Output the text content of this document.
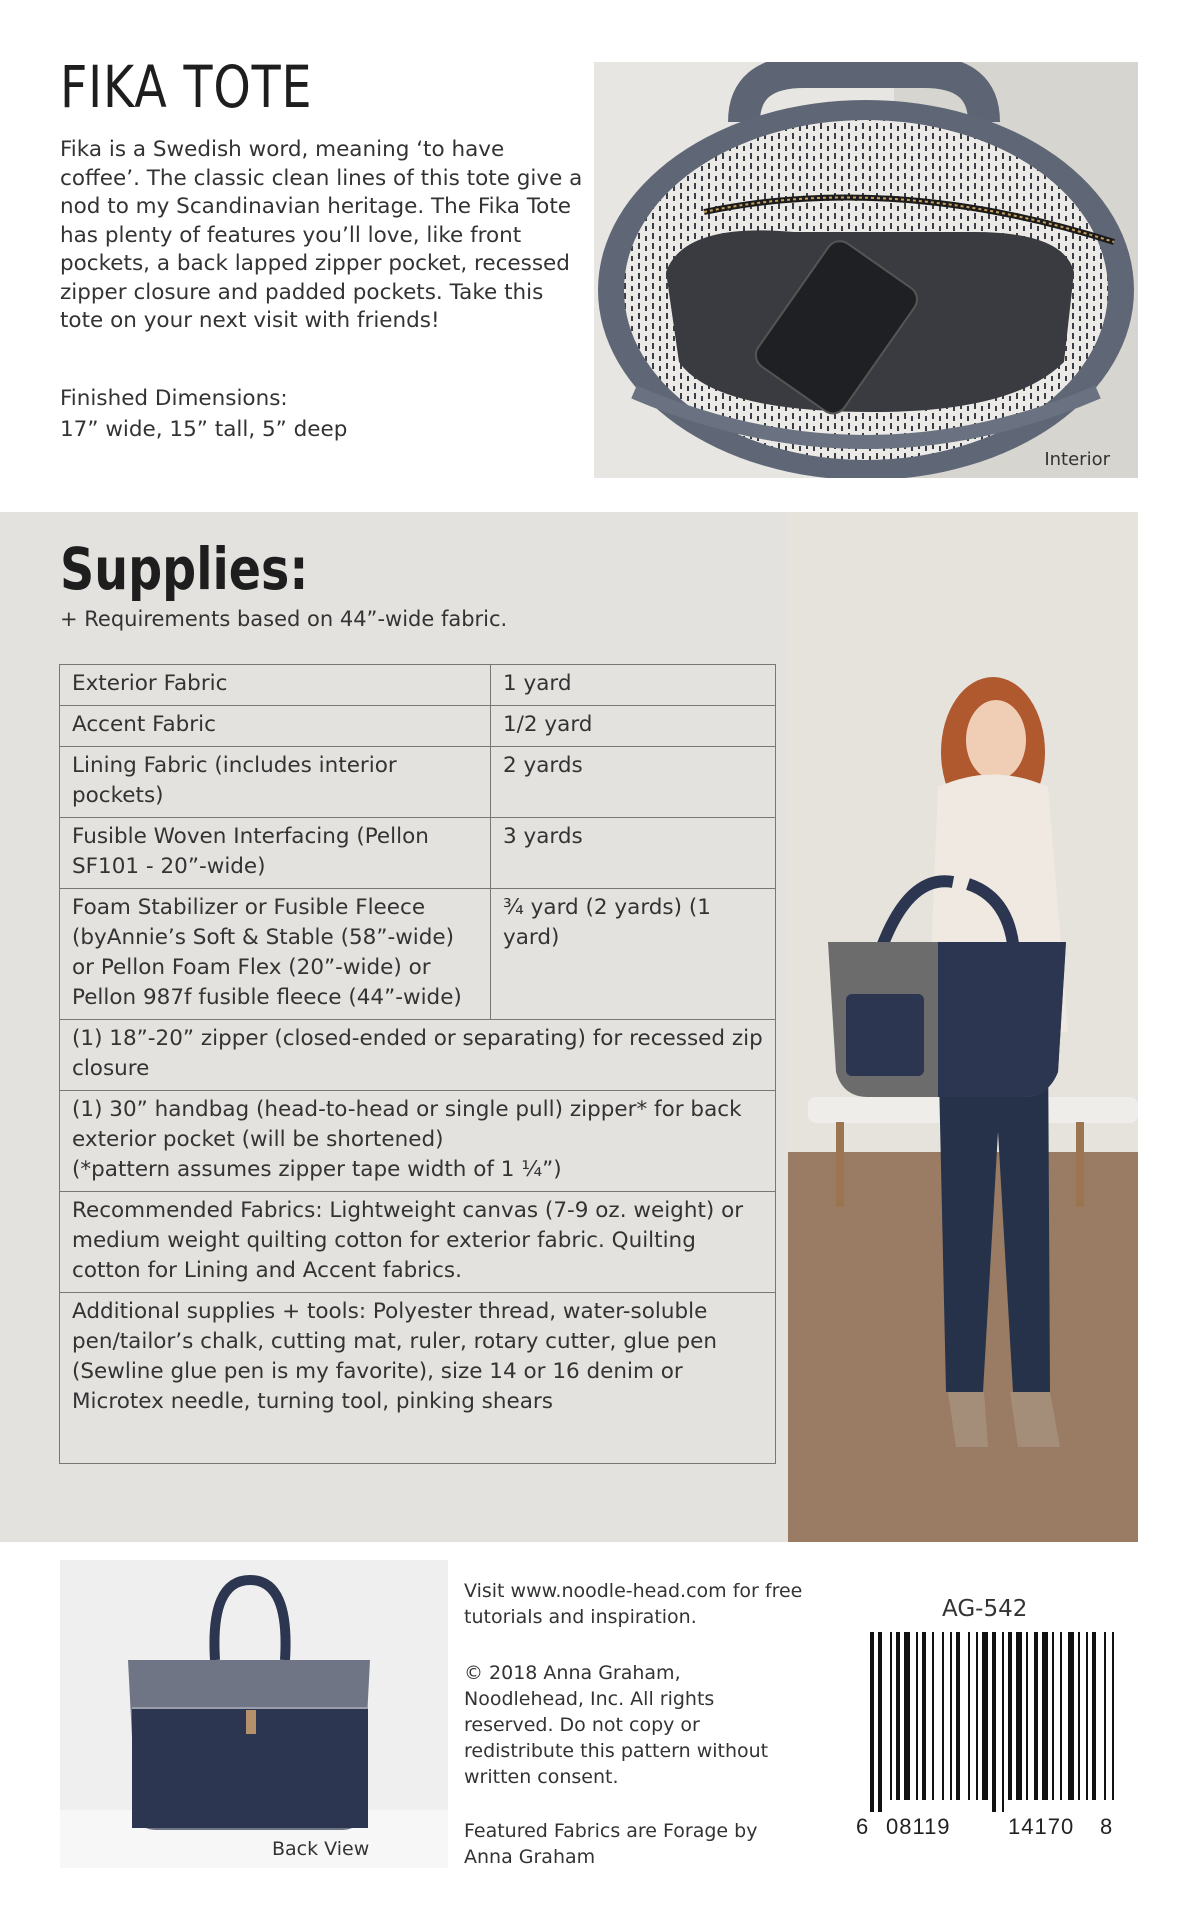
FIKA TOTE

Fika is a Swedish word, meaning ‘to have coffee’. The classic clean lines of this tote give a nod to my Scandinavian heritage. The Fika Tote has plenty of features you’ll love, like front pockets, a back lapped zipper pocket, recessed zipper closure and padded pockets. Take this tote on your next visit with friends!

Finished Dimensions:
17” wide, 15” tall, 5” deep
Interior
Supplies:
+ Requirements based on 44”-wide fabric.
Exterior Fabric	1 yard
Accent Fabric	1/2 yard
Lining Fabric (includes interior pockets)	2 yards
Fusible Woven Interfacing (Pellon SF101 - 20”-wide)	3 yards
Foam Stabilizer or Fusible Fleece (byAnnie’s Soft & Stable (58”-wide) or Pellon Foam Flex (20”-wide) or Pellon 987f fusible fleece (44”-wide)	¾ yard (2 yards) (1 yard)
(1) 18”-20” zipper (closed-ended or separating) for recessed zip closure	
(1) 30” handbag (head-to-head or single pull) zipper* for back exterior pocket (will be shortened)
(*pattern assumes zipper tape width of 1 ¼”)	
Recommended Fabrics: Lightweight canvas (7-9 oz. weight) or medium weight quilting cotton for exterior fabric. Quilting cotton for Lining and Accent fabrics.	
Additional supplies + tools: Polyester thread, water-soluble pen/tailor’s chalk, cutting mat, ruler, rotary cutter, glue pen (Sewline glue pen is my favorite), size 14 or 16 denim or Microtex needle, turning tool, pinking shears	
Back View

Visit www.noodle-head.com for free tutorials and inspiration.

© 2018 Anna Graham, Noodlehead, Inc. All rights reserved. Do not copy or redistribute this pattern without written consent.

Featured Fabrics are Forage by Anna Graham

AG-542
6 08119	14170 8
